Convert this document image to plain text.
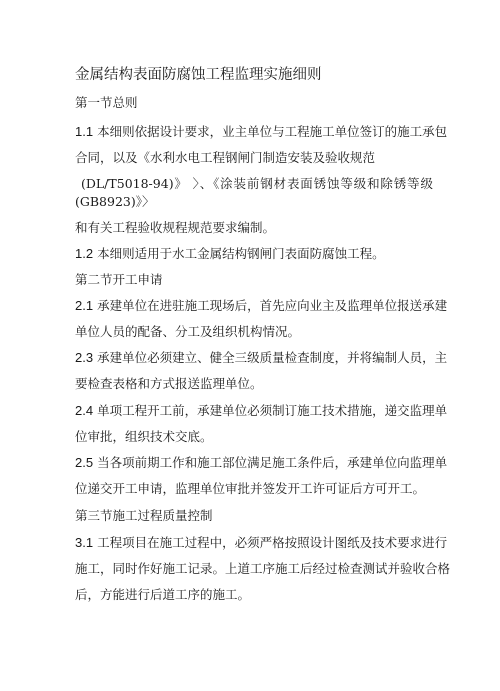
金属结构表面防腐蚀工程监理实施细则
第一节总则
1.1 本细则依据设计要求，业主单位与工程施工单位签订的施工承包
合同，以及《水利水电工程钢闸门制造安装及验收规范
(DL/T5018-94)》 〉、《涂装前钢材表面锈蚀等级和除锈等级
(GB8923)》〉
和有关工程验收规程规范要求编制。
1.2 本细则适用于水工金属结构钢闸门表面防腐蚀工程。
第二节开工申请
2.1 承建单位在进驻施工现场后，首先应向业主及监理单位报送承建
单位人员的配备、分工及组织机构情况。
2.3 承建单位必须建立、健全三级质量检查制度，并将编制人员，主
要检查表格和方式报送监理单位。
2.4 单项工程开工前，承建单位必须制订施工技术措施，递交监理单
位审批，组织技术交底。
2.5 当各项前期工作和施工部位满足施工条件后，承建单位向监理单
位递交开工申请，监理单位审批并签发开工许可证后方可开工。
第三节施工过程质量控制
3.1 工程项目在施工过程中，必须严格按照设计图纸及技术要求进行
施工，同时作好施工记录。上道工序施工后经过检查测试并验收合格
后，方能进行后道工序的施工。
